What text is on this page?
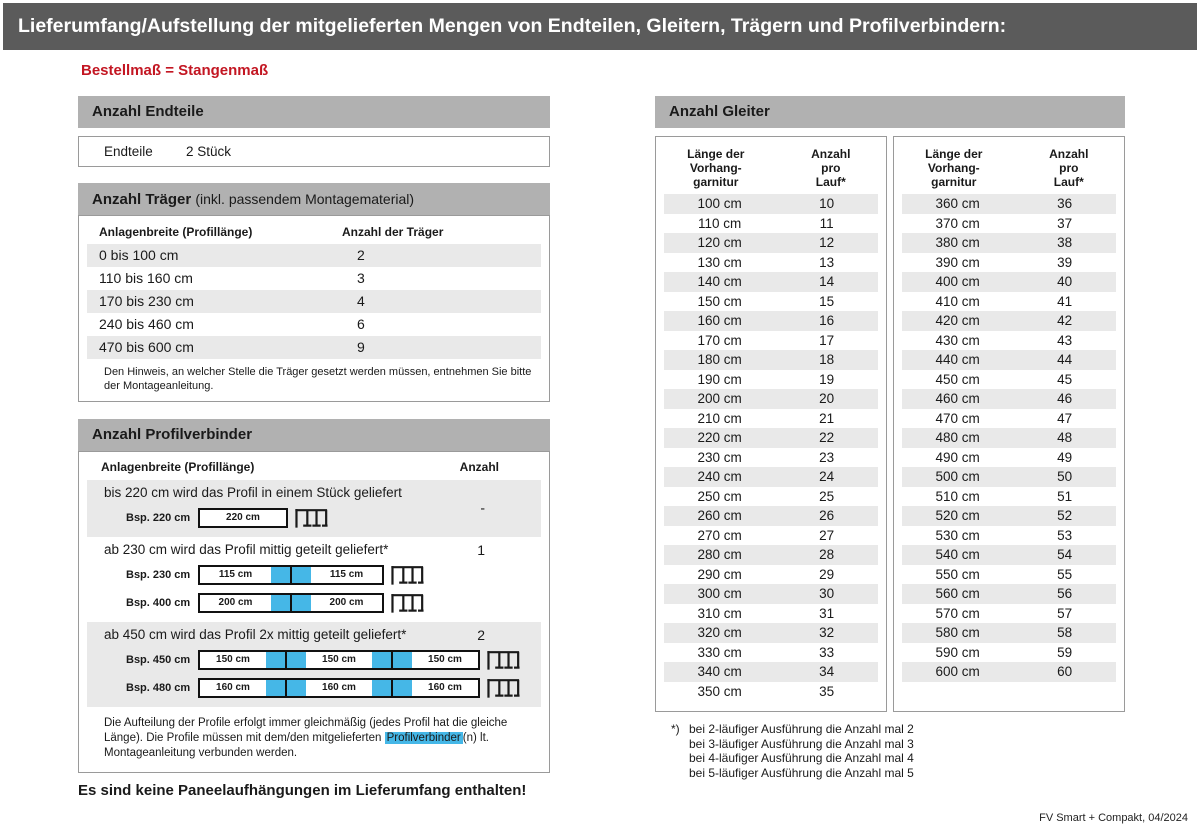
Lieferumfang/Aufstellung der mitgelieferten Mengen von Endteilen, Gleitern, Trägern und Profilverbindern:
Bestellmaß = Stangenmaß
Anzahl Endteile
Endteile	2 Stück
Anzahl Träger (inkl. passendem Montagematerial)
Anlagenbreite (Profillänge)	Anzahl der Träger
0 bis 100 cm	2
110 bis 160 cm	3
170 bis 230 cm	4
240 bis 460 cm	6
470 bis 600 cm	9
Den Hinweis, an welcher Stelle die Träger gesetzt werden müssen, entnehmen Sie bitte der Montageanleitung.
Anzahl Profilverbinder
Anlagenbreite (Profillänge)	Anzahl
bis 220 cm wird das Profil in einem Stück geliefert
-
Bsp. 220 cm	220 cm
ab 230 cm wird das Profil mittig geteilt geliefert*	1
Bsp. 230 cm	115 cm	115 cm
Bsp. 400 cm	200 cm	200 cm
ab 450 cm wird das Profil 2x mittig geteilt geliefert*	2
Bsp. 450 cm	150 cm	150 cm	150 cm
Bsp. 480 cm	160 cm	160 cm	160 cm
Die Aufteilung der Profile erfolgt immer gleichmäßig (jedes Profil hat die gleiche Länge). Die Profile müssen mit dem/den mitgelieferten Profilverbinder (n) lt. Montageanleitung verbunden werden.
Es sind keine Paneelaufhängungen im Lieferumfang enthalten!
Anzahl Gleiter
Länge der
Vorhang-
garnitur
Anzahl
pro
Lauf*
100 cm	10
110 cm	11
120 cm	12
130 cm	13
140 cm	14
150 cm	15
160 cm	16
170 cm	17
180 cm	18
190 cm	19
200 cm	20
210 cm	21
220 cm	22
230 cm	23
240 cm	24
250 cm	25
260 cm	26
270 cm	27
280 cm	28
290 cm	29
300 cm	30
310 cm	31
320 cm	32
330 cm	33
340 cm	34
350 cm	35
Länge der
Vorhang-
garnitur
Anzahl
pro
Lauf*
360 cm	36
370 cm	37
380 cm	38
390 cm	39
400 cm	40
410 cm	41
420 cm	42
430 cm	43
440 cm	44
450 cm	45
460 cm	46
470 cm	47
480 cm	48
490 cm	49
500 cm	50
510 cm	51
520 cm	52
530 cm	53
540 cm	54
550 cm	55
560 cm	56
570 cm	57
580 cm	58
590 cm	59
600 cm	60
*) bei 2-läufiger Ausführung die Anzahl mal 2
bei 3-läufiger Ausführung die Anzahl mal 3
bei 4-läufiger Ausführung die Anzahl mal 4
bei 5-läufiger Ausführung die Anzahl mal 5
FV Smart + Compakt, 04/2024
